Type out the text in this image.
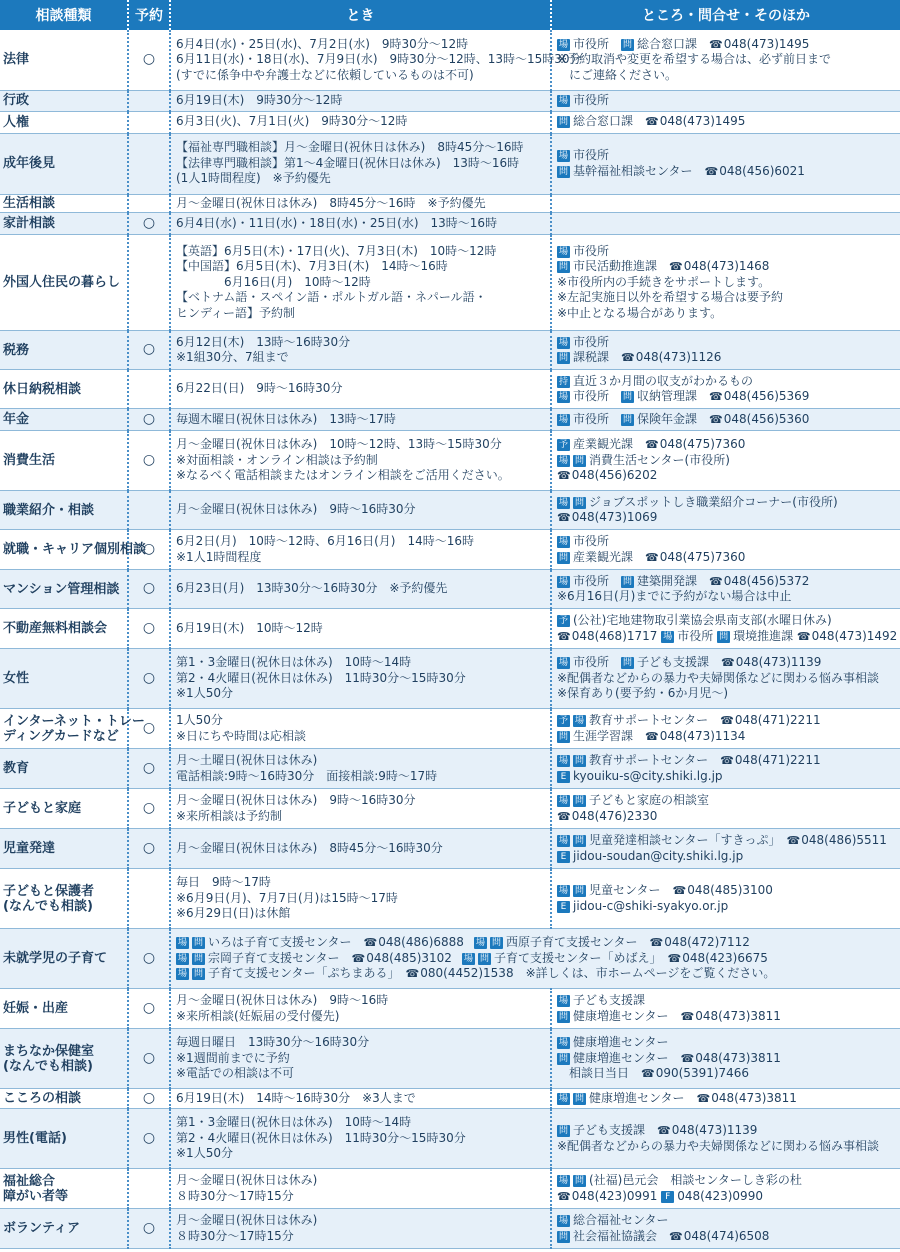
相談種類	予約	とき	ところ・問合せ・そのほか

法律	○	6月4日(水)・25日(水)、7月2日(水)　9時30分～12時
6月11日(水)・18日(水)、7月9日(水)　9時30分～12時、13時～15時30分
(すでに係争中や弁護士などに依頼しているものは不可)	場 市役所　問 総合窓口課　☎048(473)1495
※予約取消や変更を希望する場合は、必ず前日まで
　にご連絡ください。

行政		6月19日(木)　9時30分～12時	場 市役所

人権		6月3日(火)、7月1日(火)　9時30分～12時	問 総合窓口課　☎048(473)1495

成年後見		【福祉専門職相談】月～金曜日(祝休日は休み)　8時45分～16時
【法律専門職相談】第1～4金曜日(祝休日は休み)　13時～16時
(1人1時間程度)　※予約優先	場 市役所
問 基幹福祉相談センター　☎048(456)6021

生活相談		月～金曜日(祝休日は休み)　8時45分～16時　※予約優先	

家計相談	○	6月4日(水)・11日(水)・18日(水)・25日(水)　13時～16時	

外国人住民の暮らし		【英語】6月5日(木)・17日(火)、7月3日(木)　10時～12時
【中国語】6月5日(木)、7月3日(木)　14時～16時
　　　　6月16日(月)　10時～12時
【ベトナム語・スペイン語・ポルトガル語・ネパール語・
ヒンディー語】予約制	場 市役所
問 市民活動推進課　☎048(473)1468
※市役所内の手続きをサポートします。
※左記実施日以外を希望する場合は要予約
※中止となる場合があります。

税務	○	6月12日(木)　13時～16時30分
※1組30分、7組まで	場 市役所
問 課税課　☎048(473)1126

休日納税相談		6月22日(日)　9時～16時30分	持 直近３か月間の収支がわかるもの
場 市役所　問 収納管理課　☎048(456)5369

年金	○	毎週木曜日(祝休日は休み)　13時～17時	場 市役所　問 保険年金課　☎048(456)5360

消費生活	○	月～金曜日(祝休日は休み)　10時～12時、13時～15時30分
※対面相談・オンライン相談は予約制
※なるべく電話相談またはオンライン相談をご活用ください。	予 産業観光課　☎048(475)7360
場 問 消費生活センター(市役所)
☎048(456)6202

職業紹介・相談		月～金曜日(祝休日は休み)　9時～16時30分	場 問 ジョブスポットしき職業紹介コーナー(市役所)
☎048(473)1069

就職・キャリア個別相談	○	6月2日(月)　10時～12時、6月16日(月)　14時～16時
※1人1時間程度	場 市役所
問 産業観光課　☎048(475)7360

マンション管理相談	○	6月23日(月)　13時30分～16時30分　※予約優先	場 市役所　問 建築開発課　☎048(456)5372
※6月16日(月)までに予約がない場合は中止

不動産無料相談会	○	6月19日(木)　10時～12時	予 (公社)宅地建物取引業協会県南支部(水曜日休み)
☎048(468)1717 場 市役所 問 環境推進課 ☎048(473)1492

女性	○	第1・3金曜日(祝休日は休み)　10時～14時
第2・4火曜日(祝休日は休み)　11時30分～15時30分
※1人50分	場 市役所　問 子ども支援課　☎048(473)1139
※配偶者などからの暴力や夫婦関係などに関わる悩み事相談
※保育あり(要予約・6か月児～)

インターネット・トレー
ディングカードなど	○	1人50分
※日にちや時間は応相談	予 場 教育サポートセンター　☎048(471)2211
問 生涯学習課　☎048(473)1134

教育	○	月～土曜日(祝休日は休み)
電話相談:9時～16時30分　面接相談:9時～17時	場 問 教育サポートセンター　☎048(471)2211
E kyouiku-s@city.shiki.lg.jp

子どもと家庭	○	月～金曜日(祝休日は休み)　9時～16時30分
※来所相談は予約制	場 問 子どもと家庭の相談室
☎048(476)2330

児童発達	○	月～金曜日(祝休日は休み)　8時45分～16時30分	場 問 児童発達相談センター「すきっぷ」　☎048(486)5511
E jidou-soudan@city.shiki.lg.jp

子どもと保護者
(なんでも相談)		毎日　9時～17時
※6月9日(月)、7月7日(月)は15時～17時
※6月29日(日)は休館	場 問 児童センター　☎048(485)3100
E jidou-c@shiki-syakyo.or.jp

未就学児の子育て	○	場 問 いろは子育て支援センター　☎048(486)6888 場 問 西原子育て支援センター　☎048(472)7112
場 問 宗岡子育て支援センター　☎048(485)3102 場 問 子育て支援センター「めばえ」　☎048(423)6675
場 問 子育て支援センター「ぷちまある」　☎080(4452)1538　※詳しくは、市ホームページをご覧ください。	

妊娠・出産	○	月～金曜日(祝休日は休み)　9時～16時
※来所相談(妊娠届の受付優先)	場 子ども支援課
問 健康増進センター　☎048(473)3811

まちなか保健室
(なんでも相談)	○	毎週日曜日　13時30分～16時30分
※1週間前までに予約
※電話での相談は不可	場 健康増進センター
問 健康増進センター　☎048(473)3811
　相談日当日　☎090(5391)7466

こころの相談	○	6月19日(木)　14時～16時30分　※3人まで	場 問 健康増進センター　☎048(473)3811

男性(電話)	○	第1・3金曜日(祝休日は休み)　10時～14時
第2・4火曜日(祝休日は休み)　11時30分～15時30分
※1人50分	問 子ども支援課　☎048(473)1139
※配偶者などからの暴力や夫婦関係などに関わる悩み事相談

福祉総合
障がい者等		月～金曜日(祝休日は休み)
８時30分～17時15分	場 問 (社福)邑元会　相談センターしき彩の杜
☎048(423)0991 F 048(423)0990

ボランティア	○	月～金曜日(祝休日は休み)
８時30分～17時15分	場 総合福祉センター
問 社会福祉協議会　☎048(474)6508
